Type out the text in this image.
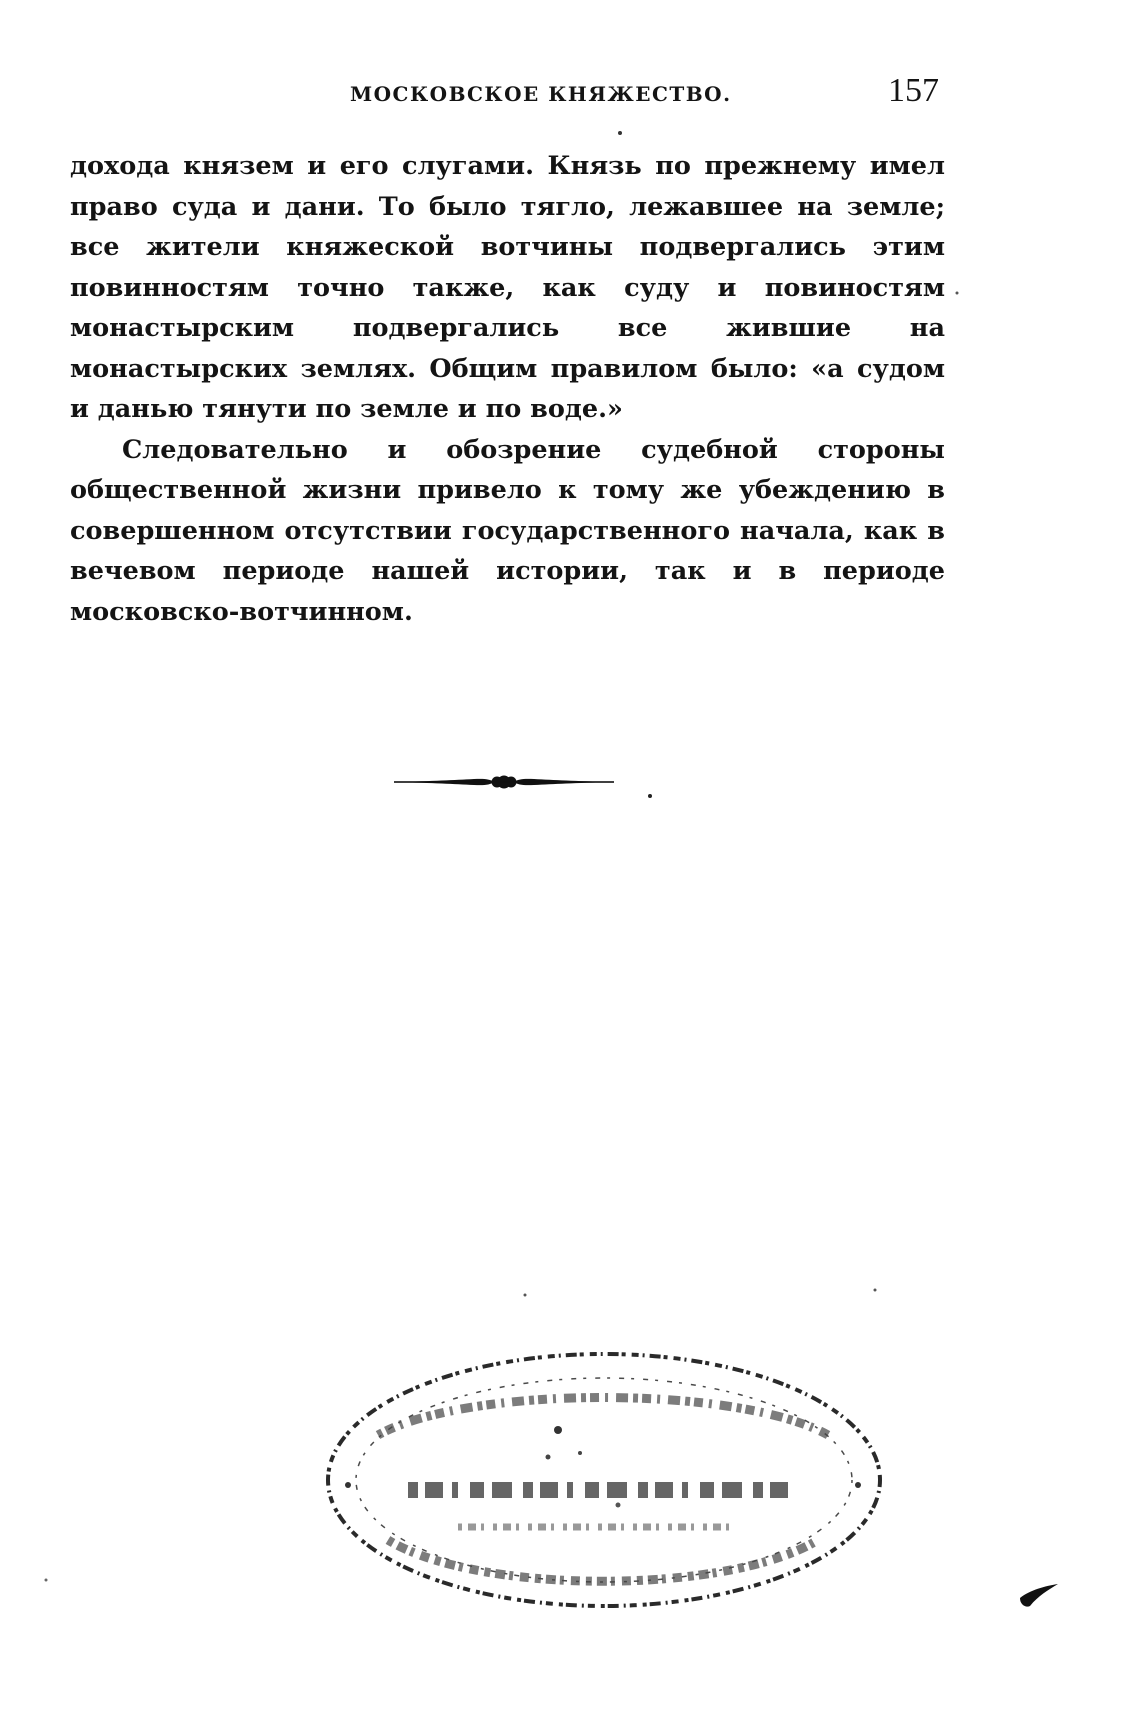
МОСКОВСКОЕ КНЯЖЕСТВО.	157

дохода князем и его слугами. Князь по прежнему имел право суда и дани. То было тягло, лежавшее на земле; все жители княжеской вотчины подвергались этим повинностям точно также, как суду и повиностям монастырским подвергались все жившие на монастырских землях. Общим правилом было: «а судом и данью тянути по земле и по воде.»

Следовательно и обозрение судебной стороны общественной жизни привело к тому же убеждению в совершенном отсутствии государственного начала, как в вечевом периоде нашей истории, так и в периоде московско-вотчинном.
